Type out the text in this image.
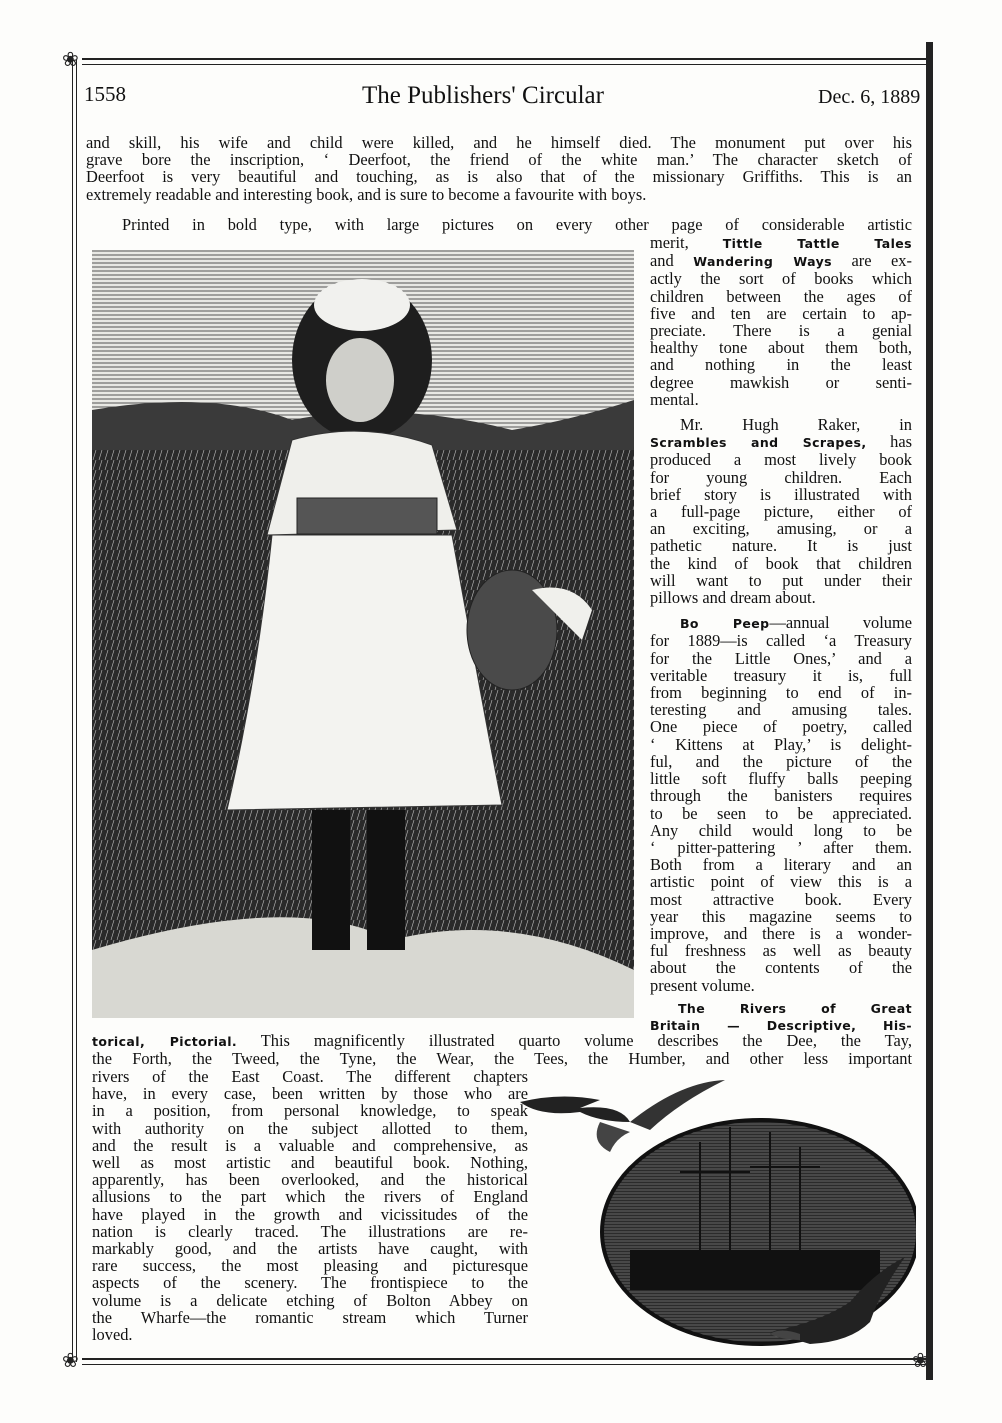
❀
❀	❀
1558	The Publishers' Circular	Dec. 6, 1889
and skill, his wife and child were killed, and he himself died. The monument put over his
grave bore the inscription, ‘ Deerfoot, the friend of the white man.’ The character sketch of
Deerfoot is very beautiful and touching, as is also that of the missionary Griffiths. This is an
extremely readable and interesting book, and is sure to become a favourite with boys.
Printed in bold type, with large pictures on every other page of considerable artistic
merit,	Tittle Tattle Tales
and Wandering Ways are ex-
actly the sort of books which
children between the ages of
five and ten are certain to ap-
preciate. There is a genial
healthy tone about them both,
and nothing in the least
degree mawkish or senti-
mental.
Mr. Hugh Raker, in
Scrambles and Scrapes, has
produced a most lively book
for young children. Each
brief story is illustrated with
a full-page picture, either of
an exciting, amusing, or a
pathetic nature. It is just
the kind of book that children
will want to put under their
pillows and dream about.
Bo Peep—annual volume
for 1889—is called ‘a Treasury
for the Little Ones,’ and a
veritable treasury it is, full
from beginning to end of in-
teresting and amusing tales.
One piece of poetry, called
‘ Kittens at Play,’ is delight-
ful, and the picture of the
little soft fluffy balls peeping
through the banisters requires
to be seen to be appreciated.
Any child would long to be
‘ pitter-pattering ’ after them.
Both from a literary and an
artistic point of view this is a
most attractive book. Every
year this magazine seems to
improve, and there is a wonder-
ful freshness as well as beauty
about the contents of the
present volume.
The Rivers of Great
Britain — Descriptive, His-
torical, Pictorial. This magnificently illustrated quarto volume describes the Dee, the Tay,
the Forth, the Tweed, the Tyne, the Wear, the Tees, the Humber, and other less important
rivers of the East Coast. The different chapters
have, in every case, been written by those who are
in a position, from personal knowledge, to speak
with authority on the subject allotted to them,
and the result is a valuable and comprehensive, as
well as most artistic and beautiful book. Nothing,
apparently, has been overlooked, and the historical
allusions to the part which the rivers of England
have played in the growth and vicissitudes of the
nation is clearly traced. The illustrations are re-
markably good, and the artists have caught, with
rare success, the most pleasing and picturesque
aspects of the scenery. The frontispiece to the
volume is a delicate etching of Bolton Abbey on
the Wharfe—the romantic stream which Turner
loved.
